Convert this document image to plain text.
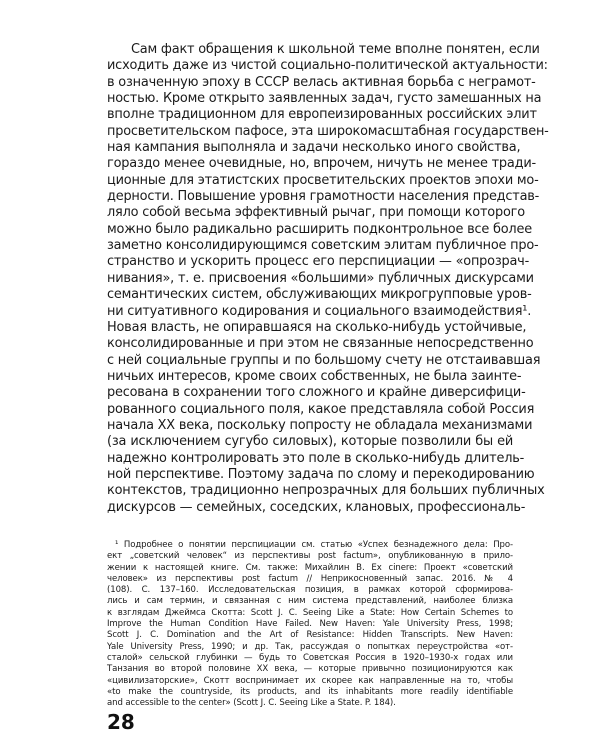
Сам факт обращения к школьной теме вполне понятен, если
исходить даже из чистой социально-политической актуальности:
в означенную эпоху в СССР велась активная борьба с неграмот-
ностью. Кроме открыто заявленных задач, густо замешанных на
вполне традиционном для европеизированных российских элит
просветительском пафосе, эта широкомасштабная государствен-
ная кампания выполняла и задачи несколько иного свойства,
гораздо менее очевидные, но, впрочем, ничуть не менее тради-
ционные для этатистских просветительских проектов эпохи мо-
дерности. Повышение уровня грамотности населения представ-
ляло собой весьма эффективный рычаг, при помощи которого
можно было радикально расширить подконтрольное все более
заметно консолидирующимся советским элитам публичное про-
странство и ускорить процесс его перспициации — «опрозрач-
нивания», т. е. присвоения «большими» публичных дискурсами
семантических систем, обслуживающих микрогрупповые уров-
ни ситуативного кодирования и социального взаимодействия¹.
Новая власть, не опиравшаяся на сколько-нибудь устойчивые,
консолидированные и при этом не связанные непосредственно
с ней социальные группы и по большому счету не отстаивавшая
ничьих интересов, кроме своих собственных, не была заинте-
ресована в сохранении того сложного и крайне диверсифици-
рованного социального поля, какое представляла собой Россия
начала XX века, поскольку попросту не обладала механизмами
(за исключением сугубо силовых), которые позволили бы ей
надежно контролировать это поле в сколько-нибудь длитель-
ной перспективе. Поэтому задача по слому и перекодированию
контекстов, традиционно непрозрачных для больших публичных
дискурсов — семейных, соседских, клановых, профессиональ-
¹ Подробнее о понятии перспициации см. статью «Успех безнадежного дела: Про-
ект „советский человек“ из перспективы post factum», опубликованную в прило-
жении к настоящей книге. См. также: Михайлин В. Ex cinere: Проект «советский
человек» из перспективы post factum // Неприкосновенный запас. 2016. № 4
(108). С. 137–160. Исследовательская позиция, в рамках которой сформирова-
лись и сам термин, и связанная с ним система представлений, наиболее близка
к взглядам Джеймса Скотта: Scott J. C. Seeing Like a State: How Certain Schemes to
Improve the Human Condition Have Failed. New Haven: Yale University Press, 1998;
Scott J. C. Domination and the Art of Resistance: Hidden Transcripts. New Haven:
Yale University Press, 1990; и др. Так, рассуждая о попытках переустройства «от-
сталой» сельской глубинки — будь то Советская Россия в 1920–1930-х годах или
Танзания во второй половине XX века, — которые привычно позиционируются как
«цивилизаторские», Скотт воспринимает их скорее как направленные на то, чтобы
«to make the countryside, its products, and its inhabitants more readily identifiable
and accessible to the center» (Scott J. C. Seeing Like a State. P. 184).
28
